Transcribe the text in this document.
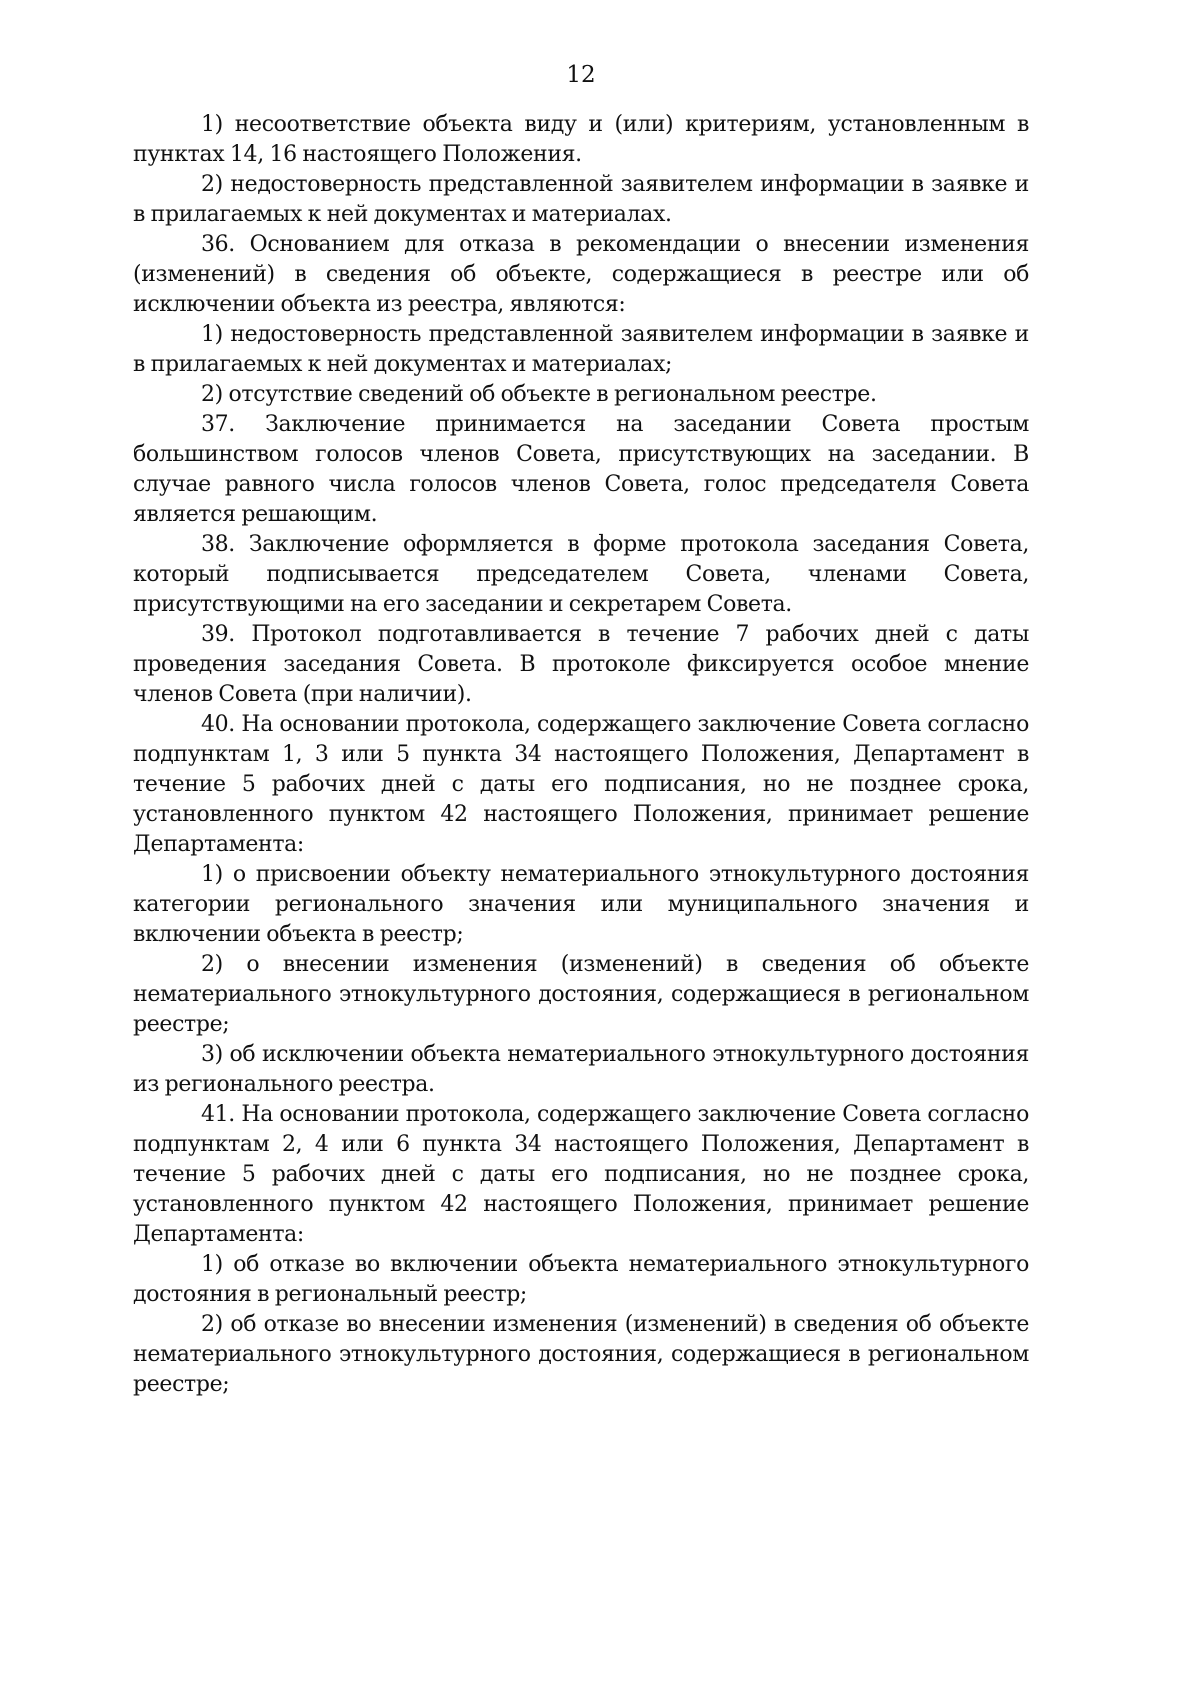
12

1) несоответствие объекта виду и (или) критериям, установленным в пунктах 14, 16 настоящего Положения.

2) недостоверность представленной заявителем информации в заявке и в прилагаемых к ней документах и материалах.

36. Основанием для отказа в рекомендации о внесении изменения (изменений) в сведения об объекте, содержащиеся в реестре или об исключении объекта из реестра, являются:

1) недостоверность представленной заявителем информации в заявке и в прилагаемых к ней документах и материалах;

2) отсутствие сведений об объекте в региональном реестре.

37. Заключение принимается на заседании Совета простым большинством голосов членов Совета, присутствующих на заседании. В случае равного числа голосов членов Совета, голос председателя Совета является решающим.

38. Заключение оформляется в форме протокола заседания Совета, который подписывается председателем Совета, членами Совета, присутствующими на его заседании и секретарем Совета.

39. Протокол подготавливается в течение 7 рабочих дней с даты проведения заседания Совета. В протоколе фиксируется особое мнение членов Совета (при наличии).

40. На основании протокола, содержащего заключение Совета согласно подпунктам 1, 3 или 5 пункта 34 настоящего Положения, Департамент в течение 5 рабочих дней с даты его подписания, но не позднее срока, установленного пунктом 42 настоящего Положения, принимает решение Департамента:

1) о присвоении объекту нематериального этнокультурного достояния категории регионального значения или муниципального значения и включении объекта в реестр;

2) о внесении изменения (изменений) в сведения об объекте нематериального этнокультурного достояния, содержащиеся в региональном реестре;

3) об исключении объекта нематериального этнокультурного достояния из регионального реестра.

41. На основании протокола, содержащего заключение Совета согласно подпунктам 2, 4 или 6 пункта 34 настоящего Положения, Департамент в течение 5 рабочих дней с даты его подписания, но не позднее срока, установленного пунктом 42 настоящего Положения, принимает решение Департамента:

1) об отказе во включении объекта нематериального этнокультурного достояния в региональный реестр;

2) об отказе во внесении изменения (изменений) в сведения об объекте нематериального этнокультурного достояния, содержащиеся в региональном реестре;
